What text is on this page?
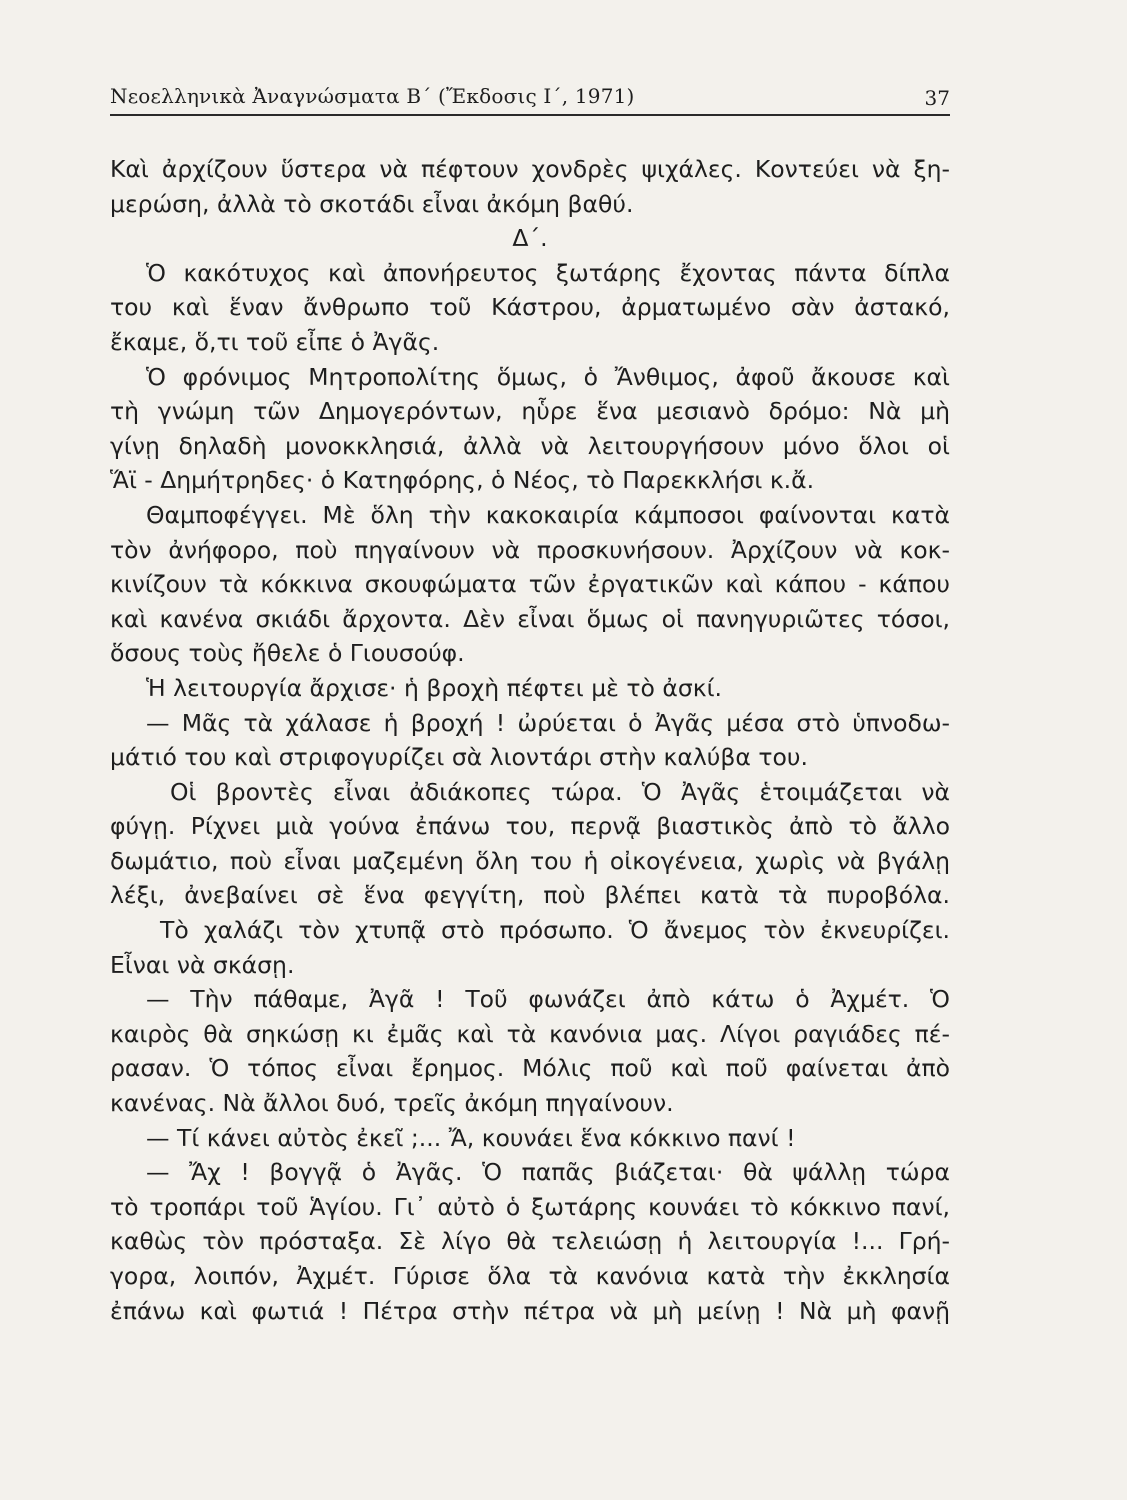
Νεοελληνικὰ Ἀναγνώσματα Β΄ (Ἔκδοσις Ι΄, 1971)	37
Καὶ ἀρχίζουν ὕστερα νὰ πέφτουν χονδρὲς ψιχάλες. Κοντεύει νὰ ξη-
μερώση, ἀλλὰ τὸ σκοτάδι εἶναι ἀκόμη βαθύ.
Δ΄.
Ὁ κακότυχος καὶ ἀπονήρευτος ξωτάρης ἔχοντας πάντα δίπλα
του καὶ ἕναν ἄνθρωπο τοῦ Κάστρου, ἀρματωμένο σὰν ἀστακό,
ἔκαμε, ὅ,τι τοῦ εἶπε ὁ Ἀγᾶς.
Ὁ φρόνιμος Μητροπολίτης ὅμως, ὁ Ἄνθιμος, ἀφοῦ ἄκουσε καὶ
τὴ γνώμη τῶν Δημογερόντων, ηὗρε ἕνα μεσιανὸ δρόμο: Νὰ μὴ
γίνῃ δηλαδὴ μονοκκλησιά, ἀλλὰ νὰ λειτουργήσουν μόνο ὅλοι οἱ
Ἅϊ - Δημήτρηδες· ὁ Κατηφόρης, ὁ Νέος, τὸ Παρεκκλήσι κ.ἄ.
Θαμποφέγγει. Μὲ ὅλη τὴν κακοκαιρία κάμποσοι φαίνονται κατὰ
τὸν ἀνήφορο, ποὺ πηγαίνουν νὰ προσκυνήσουν. Ἀρχίζουν νὰ κοκ-
κινίζουν τὰ κόκκινα σκουφώματα τῶν ἐργατικῶν καὶ κάπου - κάπου
καὶ κανένα σκιάδι ἄρχοντα. Δὲν εἶναι ὅμως οἱ πανηγυριῶτες τόσοι,
ὅσους τοὺς ἤθελε ὁ Γιουσούφ.
Ἡ λειτουργία ἄρχισε· ἡ βροχὴ πέφτει μὲ τὸ ἀσκί.
— Μᾶς τὰ χάλασε ἡ βροχή ! ὠρύεται ὁ Ἀγᾶς μέσα στὸ ὑπνοδω-
μάτιό του καὶ στριφογυρίζει σὰ λιοντάρι στὴν καλύβα του.
Οἱ βροντὲς εἶναι ἀδιάκοπες τώρα. Ὁ Ἀγᾶς ἑτοιμάζεται νὰ
φύγῃ. Ρίχνει μιὰ γούνα ἐπάνω του, περνᾷ βιαστικὸς ἀπὸ τὸ ἄλλο
δωμάτιο, ποὺ εἶναι μαζεμένη ὅλη του ἡ οἰκογένεια, χωρὶς νὰ βγάλῃ
λέξι, ἀνεβαίνει σὲ ἕνα φεγγίτη, ποὺ βλέπει κατὰ τὰ πυροβόλα.
Τὸ χαλάζι τὸν χτυπᾷ στὸ πρόσωπο. Ὁ ἄνεμος τὸν ἐκνευρίζει.
Εἶναι νὰ σκάσῃ.
— Τὴν πάθαμε, Ἀγᾶ ! Τοῦ φωνάζει ἀπὸ κάτω ὁ Ἀχμέτ. Ὁ
καιρὸς θὰ σηκώσῃ κι ἐμᾶς καὶ τὰ κανόνια μας. Λίγοι ραγιάδες πέ-
ρασαν. Ὁ τόπος εἶναι ἔρημος. Μόλις ποῦ καὶ ποῦ φαίνεται ἀπὸ
κανένας. Νὰ ἄλλοι δυό, τρεῖς ἀκόμη πηγαίνουν.
— Τί κάνει αὐτὸς ἐκεῖ ;... Ἄ, κουνάει ἕνα κόκκινο πανί !
— Ἄχ ! βογγᾷ ὁ Ἀγᾶς. Ὁ παπᾶς βιάζεται· θὰ ψάλλῃ τώρα
τὸ τροπάρι τοῦ Ἁγίου. Γι᾽ αὐτὸ ὁ ξωτάρης κουνάει τὸ κόκκινο πανί,
καθὼς τὸν πρόσταξα. Σὲ λίγο θὰ τελειώσῃ ἡ λειτουργία !... Γρή-
γορα, λοιπόν, Ἀχμέτ. Γύρισε ὅλα τὰ κανόνια κατὰ τὴν ἐκκλησία
ἐπάνω καὶ φωτιά ! Πέτρα στὴν πέτρα νὰ μὴ μείνῃ ! Νὰ μὴ φανῇ
